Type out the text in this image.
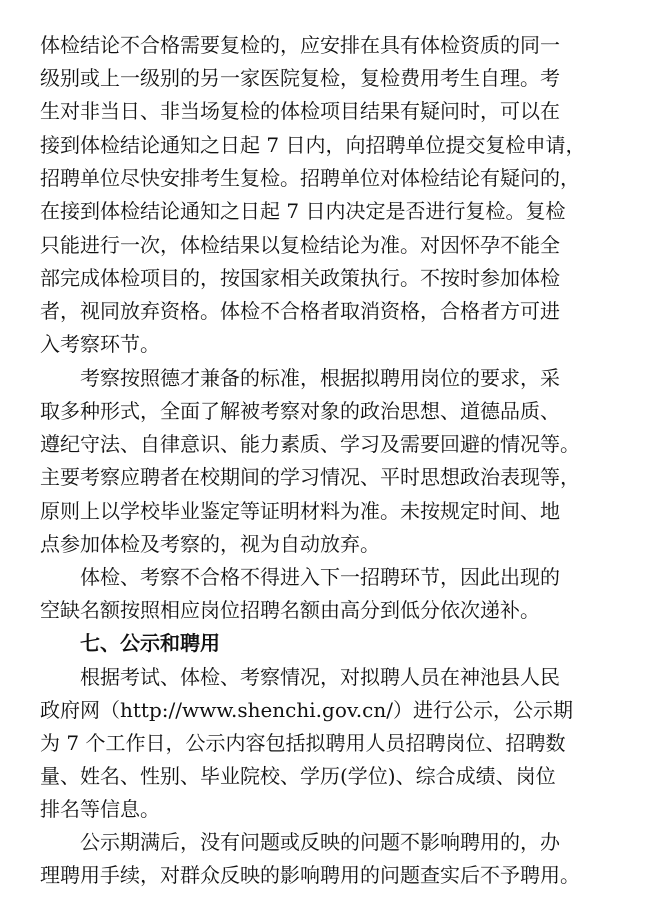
体检结论不合格需要复检的，应安排在具有体检资质的同一
级别或上一级别的另一家医院复检，复检费用考生自理。考
生对非当日、非当场复检的体检项目结果有疑问时，可以在
接到体检结论通知之日起 7 日内，向招聘单位提交复检申请，
招聘单位尽快安排考生复检。招聘单位对体检结论有疑问的，
在接到体检结论通知之日起 7 日内决定是否进行复检。复检
只能进行一次，体检结果以复检结论为准。对因怀孕不能全
部完成体检项目的，按国家相关政策执行。不按时参加体检
者，视同放弃资格。体检不合格者取消资格，合格者方可进
入考察环节。
考察按照德才兼备的标准，根据拟聘用岗位的要求，采
取多种形式，全面了解被考察对象的政治思想、道德品质、
遵纪守法、自律意识、能力素质、学习及需要回避的情况等。
主要考察应聘者在校期间的学习情况、平时思想政治表现等，
原则上以学校毕业鉴定等证明材料为准。未按规定时间、地
点参加体检及考察的，视为自动放弃。
体检、考察不合格不得进入下一招聘环节，因此出现的
空缺名额按照相应岗位招聘名额由高分到低分依次递补。
七、公示和聘用
根据考试、体检、考察情况，对拟聘人员在神池县人民
政府网（http://www.shenchi.gov.cn/）进行公示，公示期
为 7 个工作日，公示内容包括拟聘用人员招聘岗位、招聘数
量、姓名、性别、毕业院校、学历(学位)、综合成绩、岗位
排名等信息。
公示期满后，没有问题或反映的问题不影响聘用的，办
理聘用手续，对群众反映的影响聘用的问题查实后不予聘用。
